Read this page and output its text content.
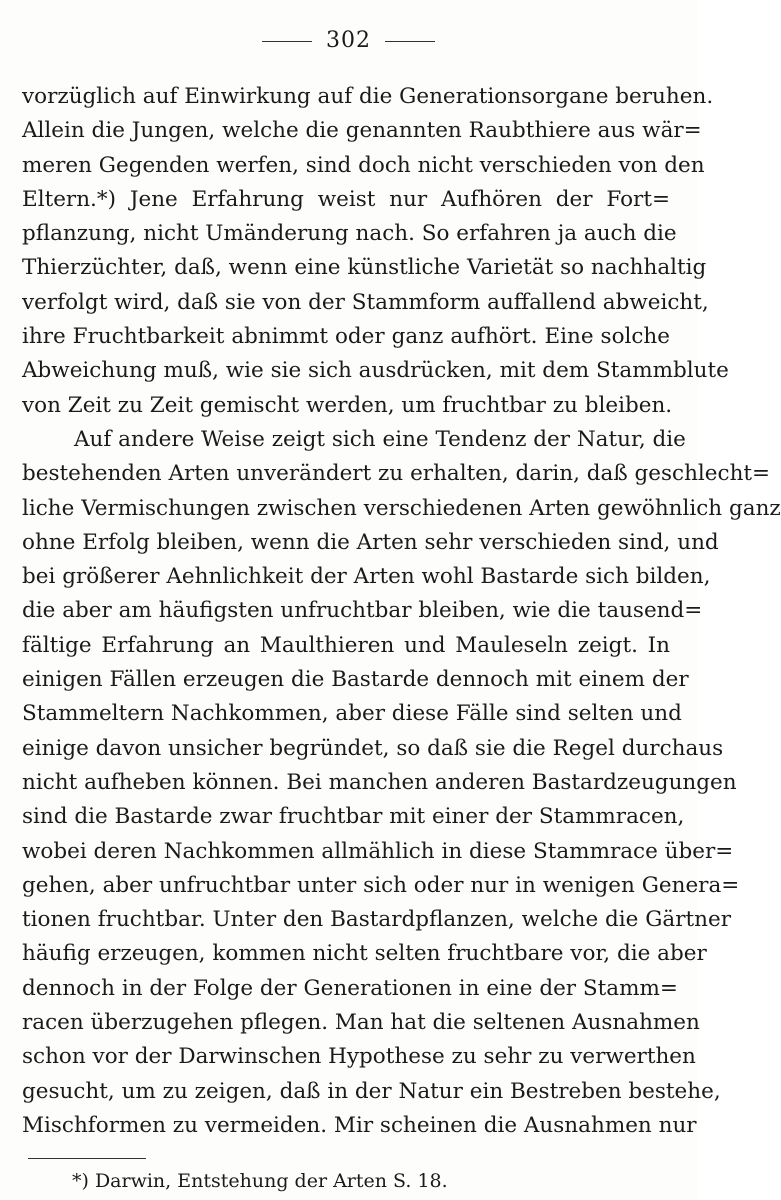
302
vorzüglich auf Einwirkung auf die Generationsorgane beruhen.
Allein die Jungen, welche die genannten Raubthiere aus wär=
meren Gegenden werfen, sind doch nicht verschieden von den
Eltern.*) Jene Erfahrung weist nur Aufhören der Fort=
pflanzung, nicht Umänderung nach. So erfahren ja auch die
Thierzüchter, daß, wenn eine künstliche Varietät so nachhaltig
verfolgt wird, daß sie von der Stammform auffallend abweicht,
ihre Fruchtbarkeit abnimmt oder ganz aufhört. Eine solche
Abweichung muß, wie sie sich ausdrücken, mit dem Stammblute
von Zeit zu Zeit gemischt werden, um fruchtbar zu bleiben.
Auf andere Weise zeigt sich eine Tendenz der Natur, die
bestehenden Arten unverändert zu erhalten, darin, daß geschlecht=
liche Vermischungen zwischen verschiedenen Arten gewöhnlich ganz
ohne Erfolg bleiben, wenn die Arten sehr verschieden sind, und
bei größerer Aehnlichkeit der Arten wohl Bastarde sich bilden,
die aber am häufigsten unfruchtbar bleiben, wie die tausend=
fältige Erfahrung an Maulthieren und Mauleseln zeigt. In
einigen Fällen erzeugen die Bastarde dennoch mit einem der
Stammeltern Nachkommen, aber diese Fälle sind selten und
einige davon unsicher begründet, so daß sie die Regel durchaus
nicht aufheben können. Bei manchen anderen Bastardzeugungen
sind die Bastarde zwar fruchtbar mit einer der Stammracen,
wobei deren Nachkommen allmählich in diese Stammrace über=
gehen, aber unfruchtbar unter sich oder nur in wenigen Genera=
tionen fruchtbar. Unter den Bastardpflanzen, welche die Gärtner
häufig erzeugen, kommen nicht selten fruchtbare vor, die aber
dennoch in der Folge der Generationen in eine der Stamm=
racen überzugehen pflegen. Man hat die seltenen Ausnahmen
schon vor der Darwinschen Hypothese zu sehr zu verwerthen
gesucht, um zu zeigen, daß in der Natur ein Bestreben bestehe,
Mischformen zu vermeiden. Mir scheinen die Ausnahmen nur
*) Darwin, Entstehung der Arten S. 18.
